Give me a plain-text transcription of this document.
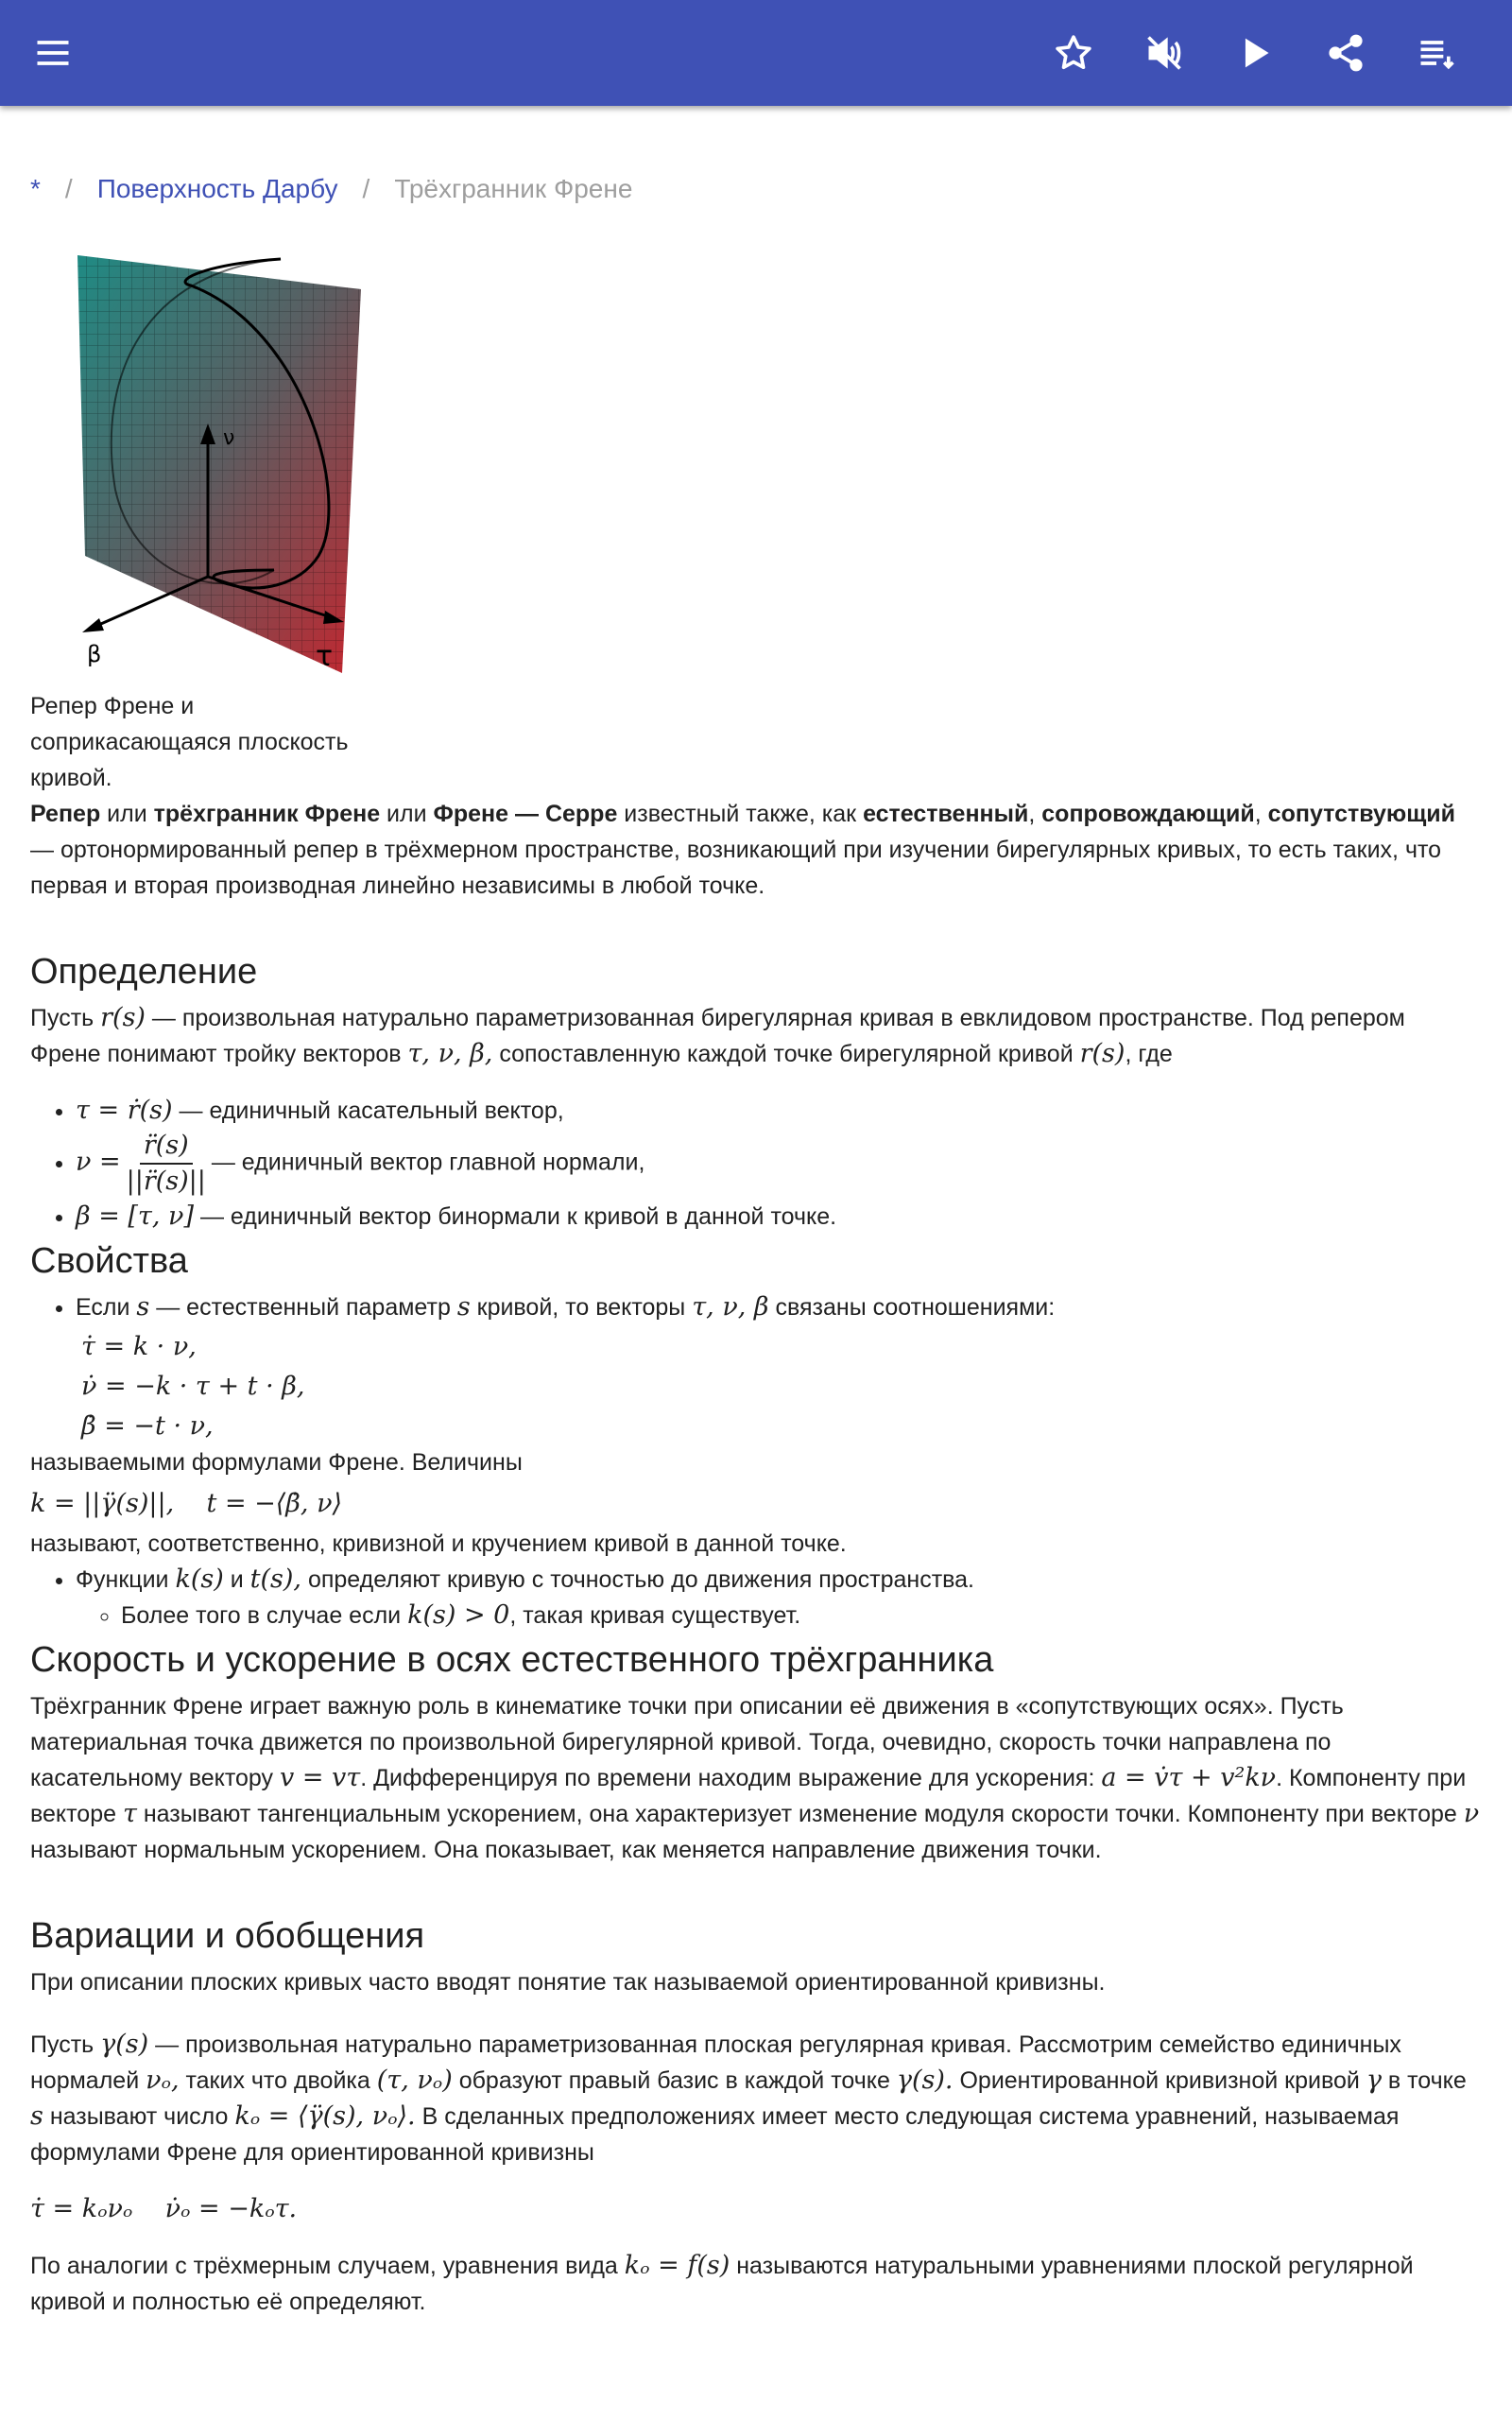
* / Поверхность Дарбу / Трёхгранник Френе
ν
β	τ
Репер Френе и
соприкасающаяся плоскость
кривой.

Репер или трёхгранник Френе или Френе — Серре известный также, как естественный, сопровождающий, сопутствующий — ортонормированный репер в трёхмерном пространстве, возникающий при изучении бирегулярных кривых, то есть таких, что первая и вторая производная линейно независимы в любой точке.

Определение

Пусть r(s) — произвольная натурально параметризованная бирегулярная кривая в евклидовом пространстве. Под репером Френе понимают тройку векторов τ, ν, β, сопоставленную каждой точке бирегулярной кривой r(s), где

• τ = ṙ(s) — единичный касательный вектор,
• $\nu = \frac{r̈(s)}{||r̈(s)||}$ — единичный вектор главной нормали,
• β = [τ, ν] — единичный вектор бинормали к кривой в данной точке.
Свойства
• Если s — естественный параметр s кривой, то векторы τ, ν, β связаны соотношениями:
τ̇ = k · ν,
ν̇ = −k · τ + t · β,
β̇ = −t · ν,

называемыми формулами Френе. Величины

k = ||γ̈(s)||,    t = −⟨β̇, ν⟩

называют, соответственно, кривизной и кручением кривой в данной точке.

• Функции k(s) и t(s), определяют кривую с точностью до движения пространства.
◦ Более того в случае если k(s) > 0, такая кривая существует.
Скорость и ускорение в осях естественного трёхгранника

Трёхгранник Френе играет важную роль в кинематике точки при описании её движения в «сопутствующих осях». Пусть материальная точка движется по произвольной бирегулярной кривой. Тогда, очевидно, скорость точки направлена по касательному вектору v = vτ. Дифференцируя по времени находим выражение для ускорения: a = v̇τ + v²kν. Компоненту при векторе τ называют тангенциальным ускорением, она характеризует изменение модуля скорости точки. Компоненту при векторе ν называют нормальным ускорением. Она показывает, как меняется направление движения точки.

Вариации и обобщения

При описании плоских кривых часто вводят понятие так называемой ориентированной кривизны.

Пусть γ(s) — произвольная натурально параметризованная плоская регулярная кривая. Рассмотрим семейство единичных нормалей νₒ, таких что двойка (τ, νₒ) образуют правый базис в каждой точке γ(s). Ориентированной кривизной кривой γ в точке s называют число kₒ = ⟨γ̈(s), νₒ⟩. В сделанных предположениях имеет место следующая система уравнений, называемая формулами Френе для ориентированной кривизны

τ̇ = kₒνₒ    ν̇ₒ = −kₒτ.

По аналогии с трёхмерным случаем, уравнения вида kₒ = f(s) называются натуральными уравнениями плоской регулярной кривой и полностью её определяют.
